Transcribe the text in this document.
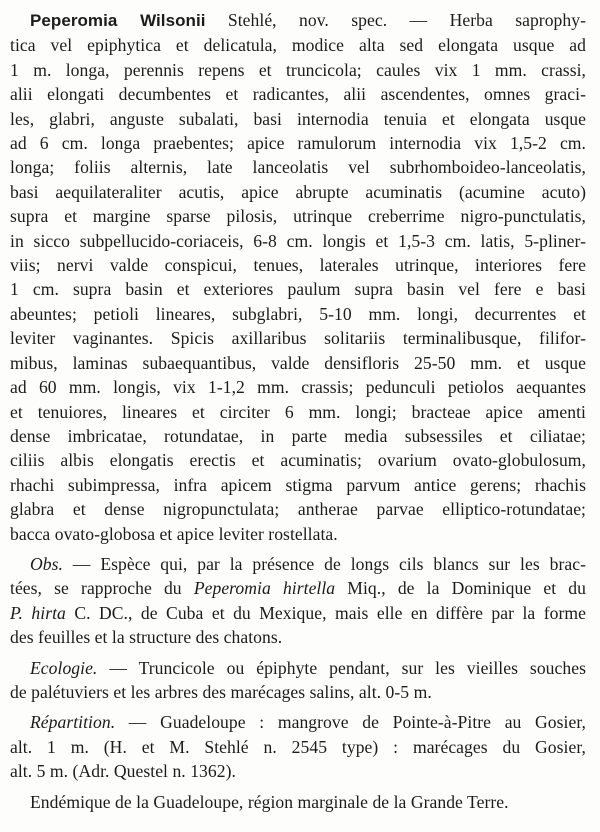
Peperomia Wilsonii Stehlé, nov. spec. — Herba saprophy-
tica vel epiphytica et delicatula, modice alta sed elongata usque ad
1 m. longa, perennis repens et truncicola; caules vix 1 mm. crassi,
alii elongati decumbentes et radicantes, alii ascendentes, omnes graci-
les, glabri, anguste subalati, basi internodia tenuia et elongata usque
ad 6 cm. longa praebentes; apice ramulorum internodia vix 1,5-2 cm.
longa; foliis alternis, late lanceolatis vel subrhomboideo-lanceolatis,
basi aequilateraliter acutis, apice abrupte acuminatis (acumine acuto)
supra et margine sparse pilosis, utrinque creberrime nigro-punctulatis,
in sicco subpellucido-coriaceis, 6-8 cm. longis et 1,5-3 cm. latis, 5-pliner-
viis; nervi valde conspicui, tenues, laterales utrinque, interiores fere
1 cm. supra basin et exteriores paulum supra basin vel fere e basi
abeuntes; petioli lineares, subglabri, 5-10 mm. longi, decurrentes et
leviter vaginantes. Spicis axillaribus solitariis terminalibusque, filifor-
mibus, laminas subaequantibus, valde densifloris 25-50 mm. et usque
ad 60 mm. longis, vix 1-1,2 mm. crassis; pedunculi petiolos aequantes
et tenuiores, lineares et circiter 6 mm. longi; bracteae apice amenti
dense imbricatae, rotundatae, in parte media subsessiles et ciliatae;
ciliis albis elongatis erectis et acuminatis; ovarium ovato-globulosum,
rhachi subimpressa, infra apicem stigma parvum antice gerens; rhachis
glabra et dense nigropunctulata; antherae parvae elliptico-rotundatae;
bacca ovato-globosa et apice leviter rostellata.

Obs. — Espèce qui, par la présence de longs cils blancs sur les brac-
tées, se rapproche du Peperomia hirtella Miq., de la Dominique et du
P. hirta C. DC., de Cuba et du Mexique, mais elle en diffère par la forme
des feuilles et la structure des chatons.

Ecologie. — Truncicole ou épiphyte pendant, sur les vieilles souches
de palétuviers et les arbres des marécages salins, alt. 0-5 m.

Répartition. — Guadeloupe : mangrove de Pointe-à-Pitre au Gosier,
alt. 1 m. (H. et M. Stehlé n. 2545 type) : marécages du Gosier,
alt. 5 m. (Adr. Questel n. 1362).

Endémique de la Guadeloupe, région marginale de la Grande Terre.
